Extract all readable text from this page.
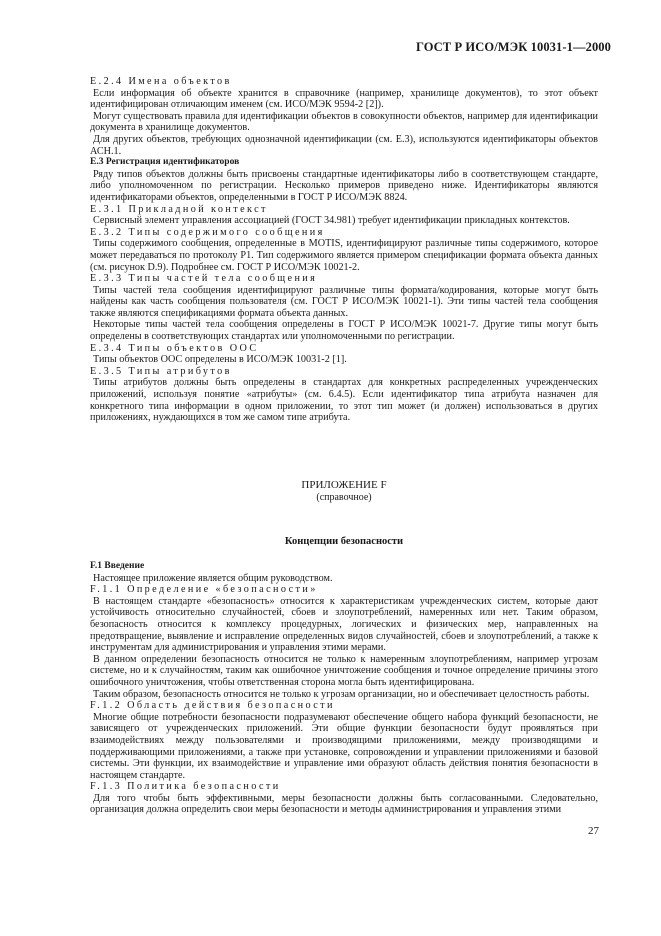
ГОСТ Р ИСО/МЭК 10031-1—2000

E.2.4 Имена объектов

Если информация об объекте хранится в справочнике (например, хранилище документов), то этот объект идентифицирован отличающим именем (см. ИСО/МЭК 9594-2 [2]).

Могут существовать правила для идентификации объектов в совокупности объектов, например для идентификации документа в хранилище документов.

Для других объектов, требующих однозначной идентификации (см. Е.3), используются идентификаторы объектов АСН.1.

E.3 Регистрация идентификаторов

Ряду типов объектов должны быть присвоены стандартные идентификаторы либо в соответствующем стандарте, либо уполномоченном по регистрации. Несколько примеров приведено ниже. Идентификаторы являются идентификаторами объектов, определенными в ГОСТ Р ИСО/МЭК 8824.

E.3.1 Прикладной контекст

Сервисный элемент управления ассоциацией (ГОСТ 34.981) требует идентификации прикладных контекстов.

E.3.2 Типы содержимого сообщения

Типы содержимого сообщения, определенные в MOTIS, идентифицируют различные типы содержимого, которое может передаваться по протоколу Р1. Тип содержимого является примером спецификации формата объекта данных (см. рисунок D.9). Подробнее см. ГОСТ Р ИСО/МЭК 10021-2.

E.3.3 Типы частей тела сообщения

Типы частей тела сообщения идентифицируют различные типы формата/кодирования, которые могут быть найдены как часть сообщения пользователя (см. ГОСТ Р ИСО/МЭК 10021-1). Эти типы частей тела сообщения также являются спецификациями формата объекта данных.

Некоторые типы частей тела сообщения определены в ГОСТ Р ИСО/МЭК 10021-7. Другие типы могут быть определены в соответствующих стандартах или уполномоченными по регистрации.

E.3.4 Типы объектов ООС

Типы объектов ООС определены в ИСО/МЭК 10031-2 [1].

E.3.5 Типы атрибутов

Типы атрибутов должны быть определены в стандартах для конкретных распределенных учрежденческих приложений, используя понятие «атрибуты» (см. 6.4.5). Если идентификатор типа атрибута назначен для конкретного типа информации в одном приложении, то этот тип может (и должен) использоваться в других приложениях, нуждающихся в том же самом типе атрибута.

ПРИЛОЖЕНИЕ F
(справочное)
Концепции безопасности

F.1 Введение

Настоящее приложение является общим руководством.

F.1.1 Определение «безопасности»

В настоящем стандарте «безопасность» относится к характеристикам учрежденческих систем, которые дают устойчивость относительно случайностей, сбоев и злоупотреблений, намеренных или нет. Таким образом, безопасность относится к комплексу процедурных, логических и физических мер, направленных на предотвращение, выявление и исправление определенных видов случайностей, сбоев и злоупотреблений, а также к инструментам для администрирования и управления этими мерами.

В данном определении безопасность относится не только к намеренным злоупотреблениям, например угрозам системе, но и к случайностям, таким как ошибочное уничтожение сообщения и точное определение причины этого ошибочного уничтожения, чтобы ответственная сторона могла быть идентифицирована.

Таким образом, безопасность относится не только к угрозам организации, но и обеспечивает целостность работы.

F.1.2 Область действия безопасности

Многие общие потребности безопасности подразумевают обеспечение общего набора функций безопасности, не зависящего от учрежденческих приложений. Эти общие функции безопасности будут проявляться при взаимодействиях между пользователями и производящими приложениями, между производящими и поддерживающими приложениями, а также при установке, сопровождении и управлении приложениями и базовой системы. Эти функции, их взаимодействие и управление ими образуют область действия понятия безопасности в настоящем стандарте.

F.1.3 Политика безопасности

Для того чтобы быть эффективными, меры безопасности должны быть согласованными. Следовательно, организация должна определить свои меры безопасности и методы администрирования и управления этими

27
